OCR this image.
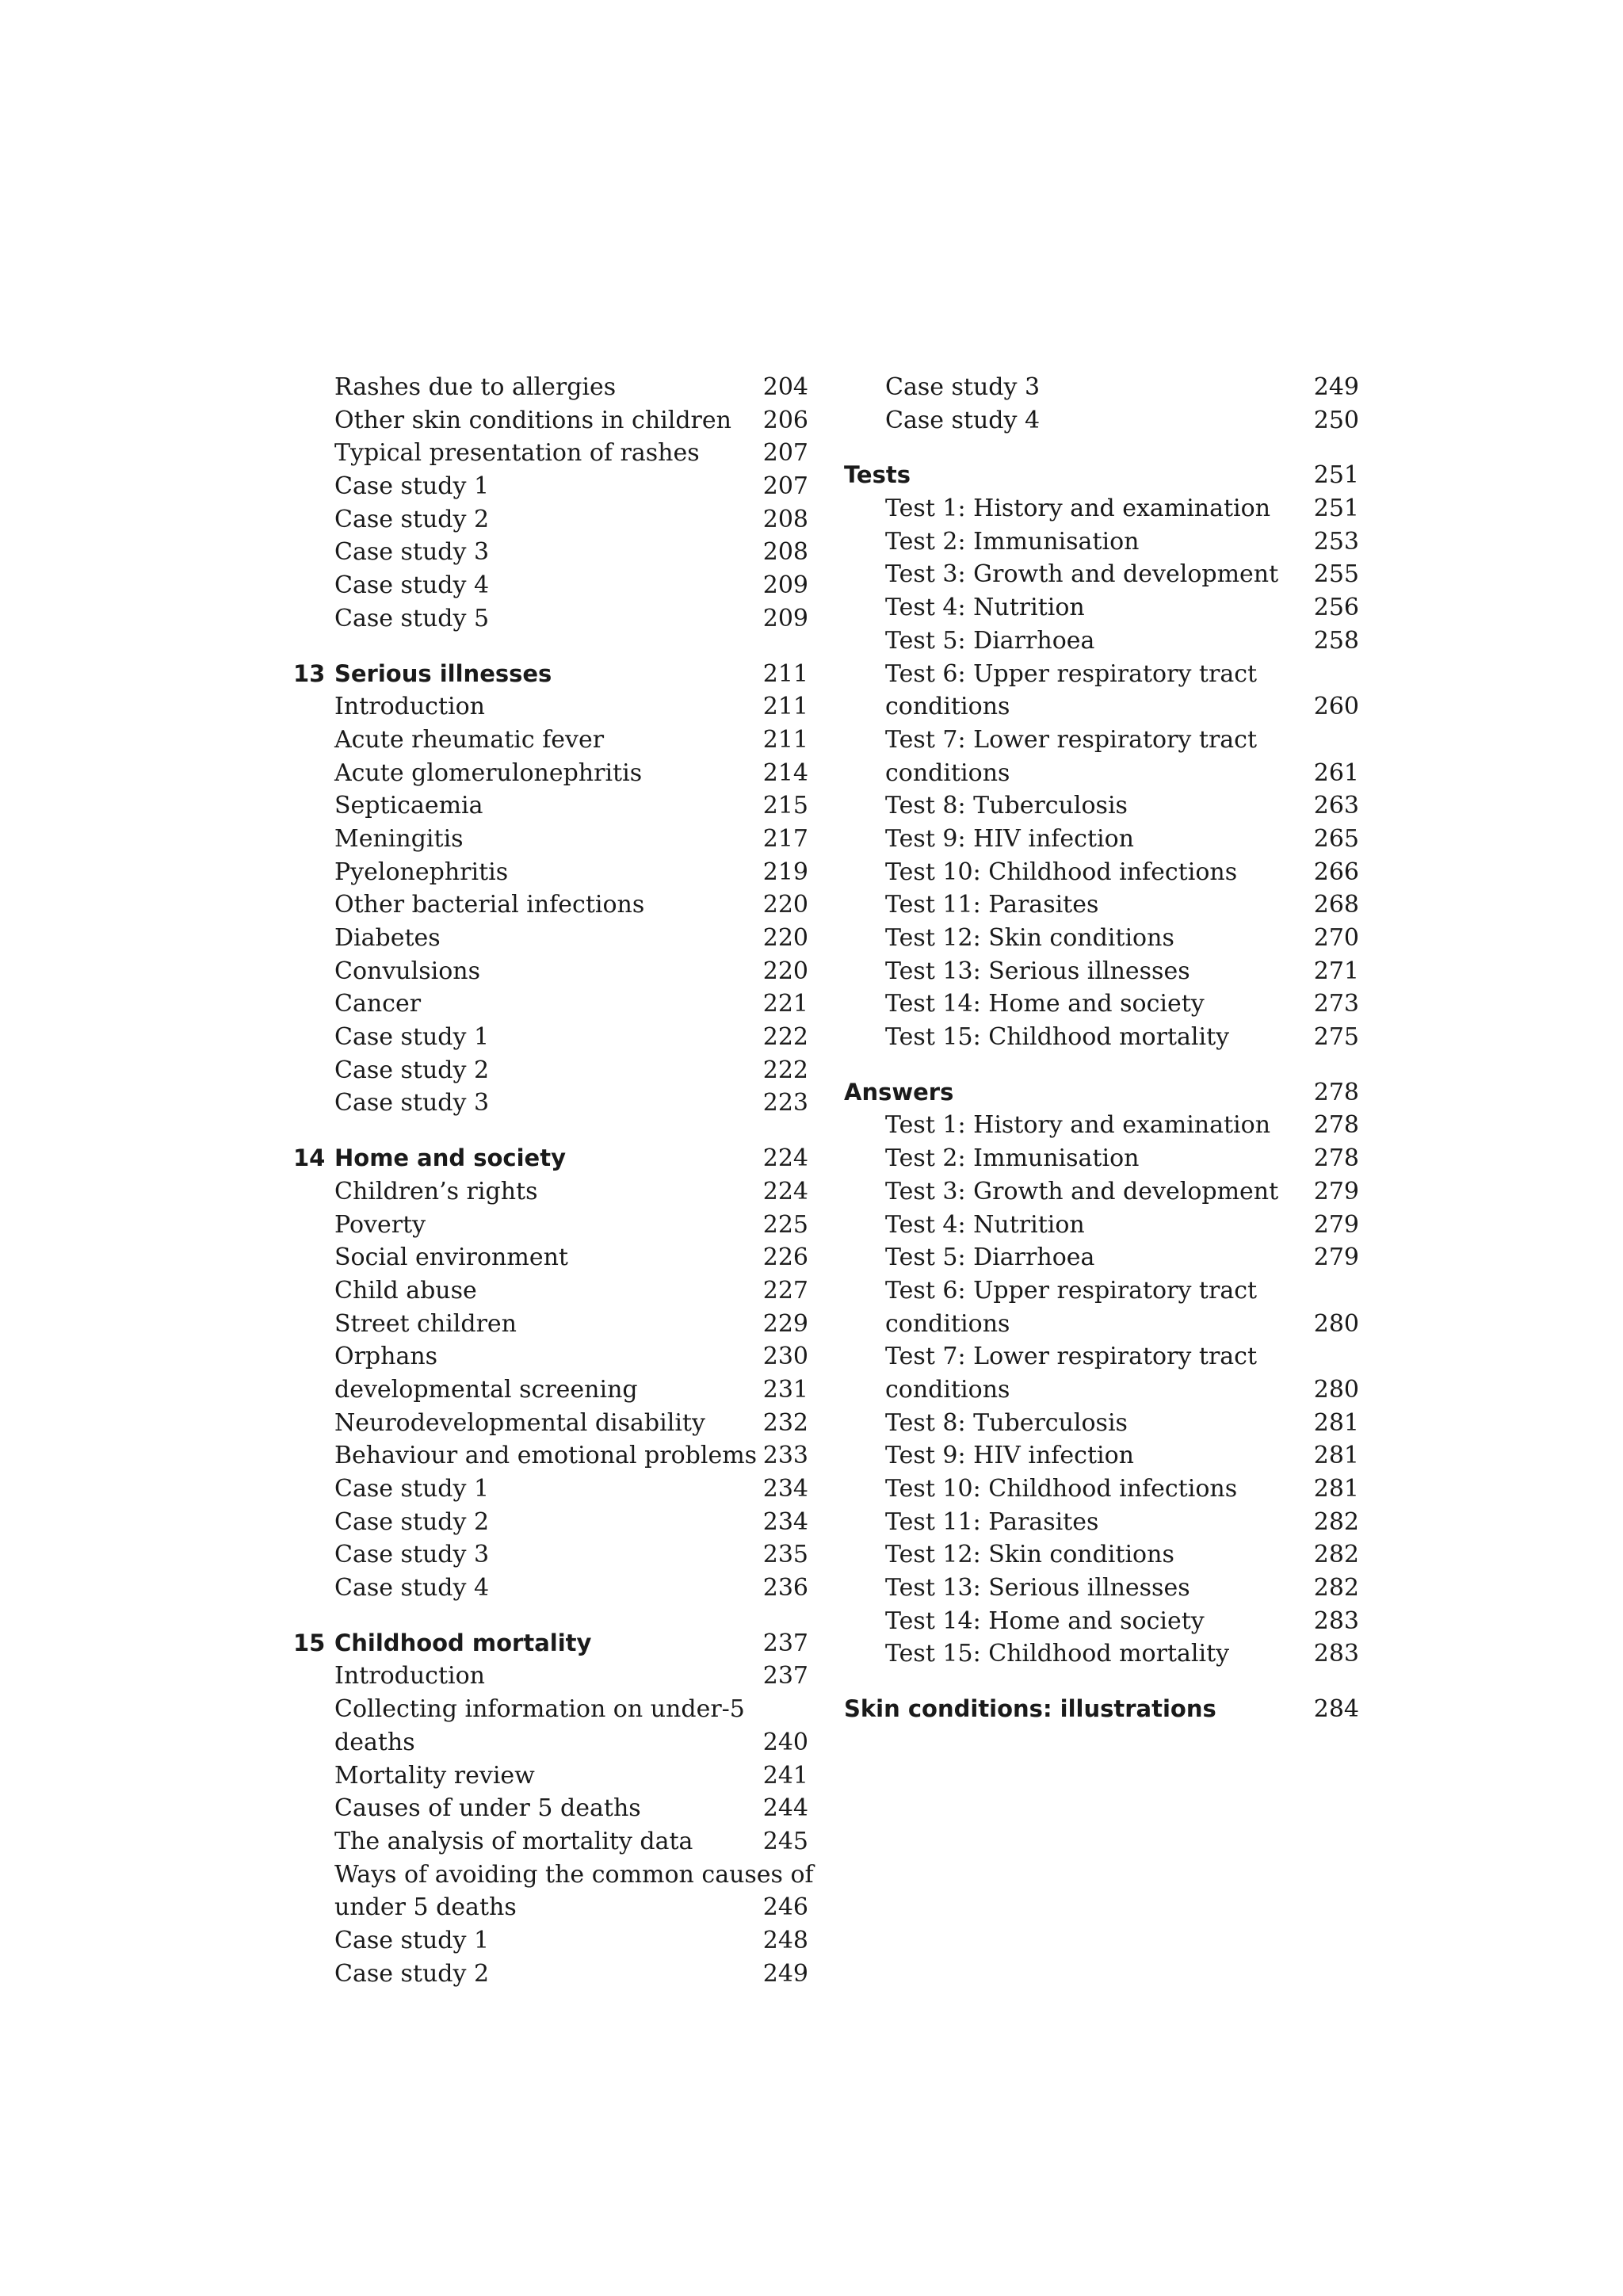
Rashes due to allergies	204
Other skin conditions in children 206
Typical presentation of rashes	207
Case study 1	207
Case study 2	208
Case study 3	208
Case study 4	209
Case study 5	209
13 Serious illnesses	211
Introduction	211
Acute rheumatic fever	211
Acute glomerulonephritis	214
Septicaemia	215
Meningitis	217
Pyelonephritis	219
Other bacterial infections	220
Diabetes	220
Convulsions	220
Cancer	221
Case study 1	222
Case study 2	222
Case study 3	223
14 Home and society	224
Children’s rights	224
Poverty	225
Social environment	226
Child abuse	227
Street children	229
Orphans	230
developmental screening	231
Neurodevelopmental disability 232
Behaviour and emotional problems 233
Case study 1	234
Case study 2	234
Case study 3	235
Case study 4	236
15 Childhood mortality	237
Introduction	237
Collecting information on under-5
deaths	240
Mortality review	241
Causes of under 5 deaths	244
The analysis of mortality data	245
Ways of avoiding the common causes of
under 5 deaths	246
Case study 1	248
Case study 2	249
Case study 3	249
Case study 4	250
Tests	251
Test 1: History and examination 251
Test 2: Immunisation	253
Test 3: Growth and development 255
Test 4: Nutrition	256
Test 5: Diarrhoea	258
Test 6: Upper respiratory tract
conditions	260
Test 7: Lower respiratory tract
conditions	261
Test 8: Tuberculosis	263
Test 9: HIV infection	265
Test 10: Childhood infections	266
Test 11: Parasites	268
Test 12: Skin conditions	270
Test 13: Serious illnesses	271
Test 14: Home and society	273
Test 15: Childhood mortality	275
Answers	278
Test 1: History and examination 278
Test 2: Immunisation	278
Test 3: Growth and development 279
Test 4: Nutrition	279
Test 5: Diarrhoea	279
Test 6: Upper respiratory tract
conditions	280
Test 7: Lower respiratory tract
conditions	280
Test 8: Tuberculosis	281
Test 9: HIV infection	281
Test 10: Childhood infections	281
Test 11: Parasites	282
Test 12: Skin conditions	282
Test 13: Serious illnesses	282
Test 14: Home and society	283
Test 15: Childhood mortality	283
Skin conditions: illustrations	284
